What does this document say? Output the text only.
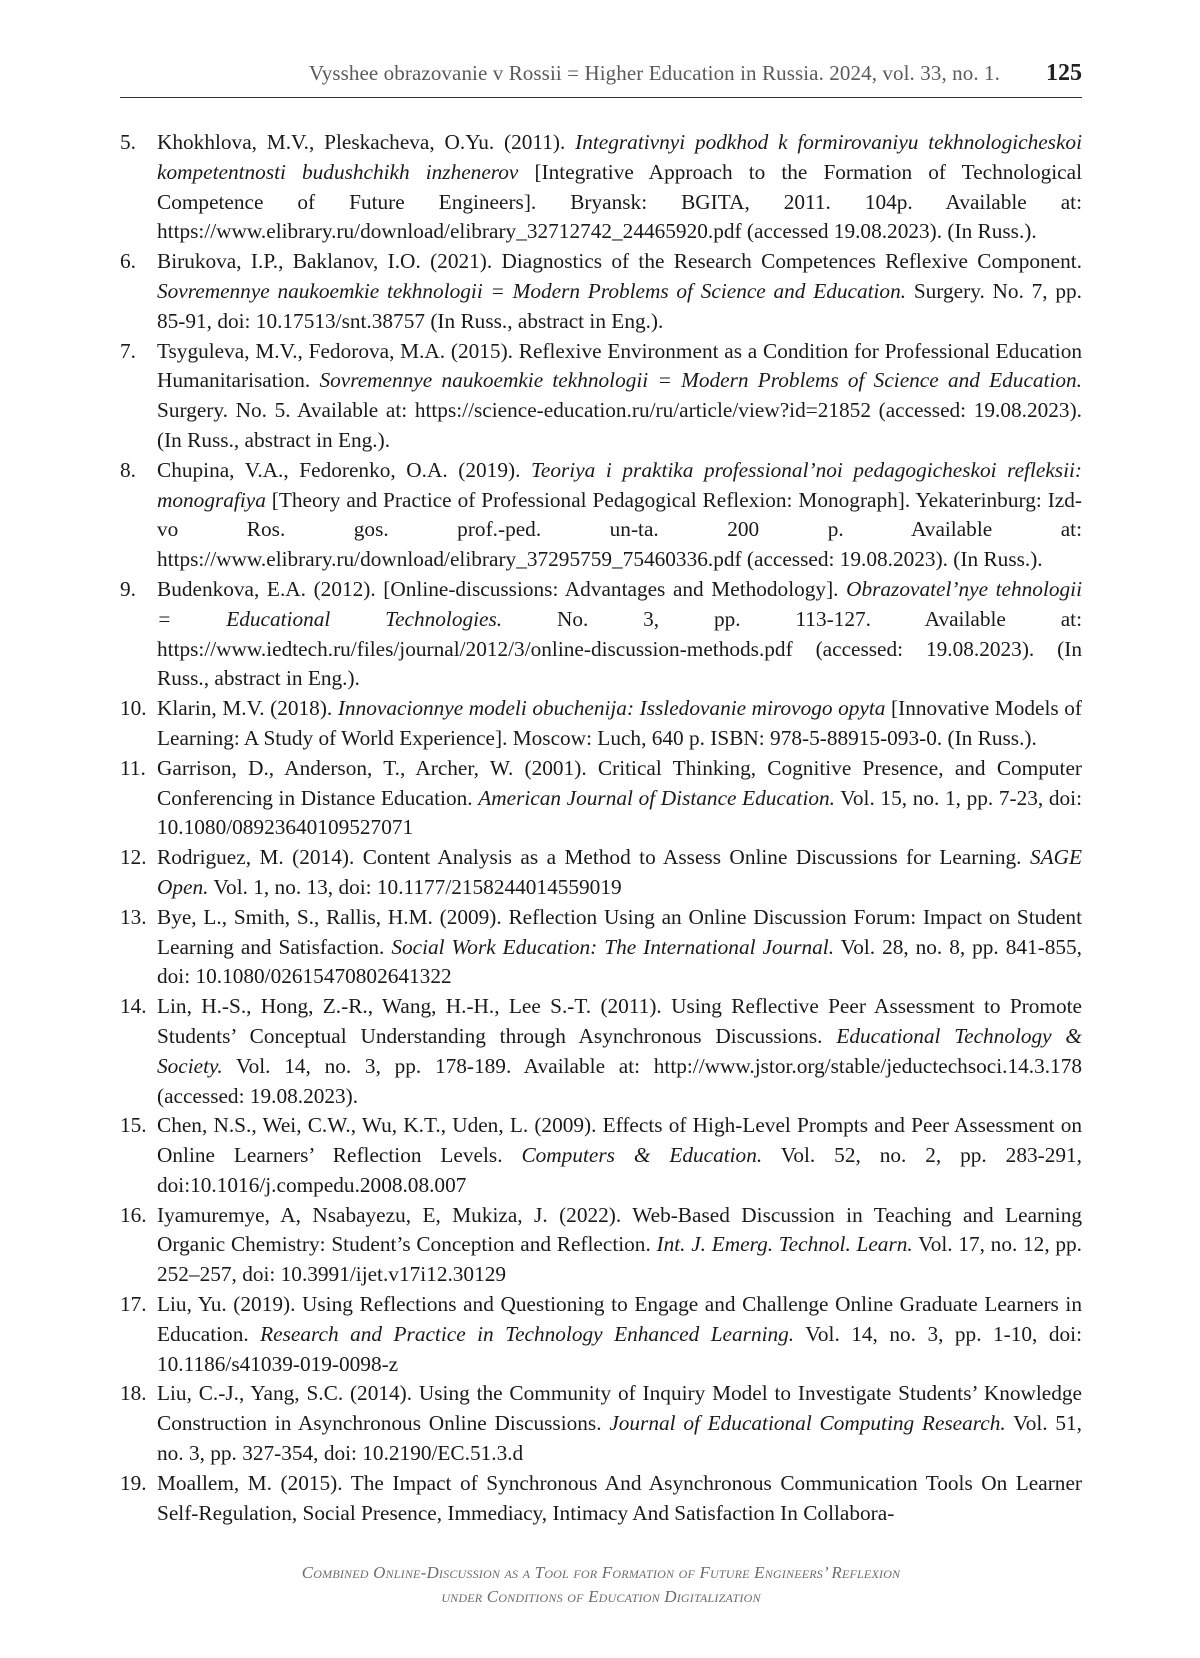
Vysshee obrazovanie v Rossii = Higher Education in Russia. 2024, vol. 33, no. 1. 125
5. Khokhlova, M.V., Pleskacheva, O.Yu. (2011). Integrativnyi podkhod k formirovaniyu tekhnologicheskoi kompetentnosti budushchikh inzhenerov [Integrative Approach to the Formation of Technological Competence of Future Engineers]. Bryansk: BGITA, 2011. 104p. Available at: https://www.elibrary.ru/download/elibrary_32712742_24465920.pdf (accessed 19.08.2023). (In Russ.).
6. Birukova, I.P., Baklanov, I.O. (2021). Diagnostics of the Research Competences Reflexive Component. Sovremennye naukoemkie tekhnologii = Modern Problems of Science and Education. Surgery. No. 7, pp. 85-91, doi: 10.17513/snt.38757 (In Russ., abstract in Eng.).
7. Tsyguleva, M.V., Fedorova, M.A. (2015). Reflexive Environment as a Condition for Professional Education Humanitarisation. Sovremennye naukoemkie tekhnologii = Modern Problems of Science and Education. Surgery. No. 5. Available at: https://science-education.ru/ru/article/view?id=21852 (accessed: 19.08.2023). (In Russ., abstract in Eng.).
8. Chupina, V.A., Fedorenko, O.A. (2019). Teoriya i praktika professional’noi pedagogicheskoi refleksii: monografiya [Theory and Practice of Professional Pedagogical Reflexion: Monograph]. Yekaterinburg: Izd-vo Ros. gos. prof.-ped. un-ta. 200 p. Available at: https://www.elibrary.ru/download/elibrary_37295759_75460336.pdf (accessed: 19.08.2023). (In Russ.).
9. Budenkova, E.A. (2012). [Online-discussions: Advantages and Methodology]. Obrazovatel’nye tehnologii = Educational Technologies. No. 3, pp. 113-127. Available at: https://www.iedtech.ru/files/journal/2012/3/online-discussion-methods.pdf (accessed: 19.08.2023). (In Russ., abstract in Eng.).
10. Klarin, M.V. (2018). Innovacionnye modeli obuchenija: Issledovanie mirovogo opyta [Innovative Models of Learning: A Study of World Experience]. Moscow: Luch, 640 p. ISBN: 978-5-88915-093-0. (In Russ.).
11. Garrison, D., Anderson, T., Archer, W. (2001). Critical Thinking, Cognitive Presence, and Computer Conferencing in Distance Education. American Journal of Distance Education. Vol. 15, no. 1, pp. 7-23, doi: 10.1080/08923640109527071
12. Rodriguez, M. (2014). Content Analysis as a Method to Assess Online Discussions for Learning. SAGE Open. Vol. 1, no. 13, doi: 10.1177/2158244014559019
13. Bye, L., Smith, S., Rallis, H.M. (2009). Reflection Using an Online Discussion Forum: Impact on Student Learning and Satisfaction. Social Work Education: The International Journal. Vol. 28, no. 8, pp. 841-855, doi: 10.1080/02615470802641322
14. Lin, H.-S., Hong, Z.-R., Wang, H.-H., Lee S.-T. (2011). Using Reflective Peer Assessment to Promote Students’ Conceptual Understanding through Asynchronous Discussions. Educational Technology & Society. Vol. 14, no. 3, pp. 178-189. Available at: http://www.jstor.org/stable/jeductechsoci.14.3.178 (accessed: 19.08.2023).
15. Chen, N.S., Wei, C.W., Wu, K.T., Uden, L. (2009). Effects of High-Level Prompts and Peer Assessment on Online Learners’ Reflection Levels. Computers & Education. Vol. 52, no. 2, pp. 283-291, doi:10.1016/j.compedu.2008.08.007
16. Iyamuremye, A, Nsabayezu, E, Mukiza, J. (2022). Web-Based Discussion in Teaching and Learning Organic Chemistry: Student’s Conception and Reflection. Int. J. Emerg. Technol. Learn. Vol. 17, no. 12, pp. 252–257, doi: 10.3991/ijet.v17i12.30129
17. Liu, Yu. (2019). Using Reflections and Questioning to Engage and Challenge Online Graduate Learners in Education. Research and Practice in Technology Enhanced Learning. Vol. 14, no. 3, pp. 1-10, doi: 10.1186/s41039-019-0098-z
18. Liu, C.-J., Yang, S.C. (2014). Using the Community of Inquiry Model to Investigate Students’ Knowledge Construction in Asynchronous Online Discussions. Journal of Educational Computing Research. Vol. 51, no. 3, pp. 327-354, doi: 10.2190/EC.51.3.d
19. Moallem, M. (2015). The Impact of Synchronous And Asynchronous Communication Tools On Learner Self-Regulation, Social Presence, Immediacy, Intimacy And Satisfaction In Collabora-
Combined Online-Discussion as a Tool for Formation of Future Engineers’ Reflexion
under Conditions of Education Digitalization
